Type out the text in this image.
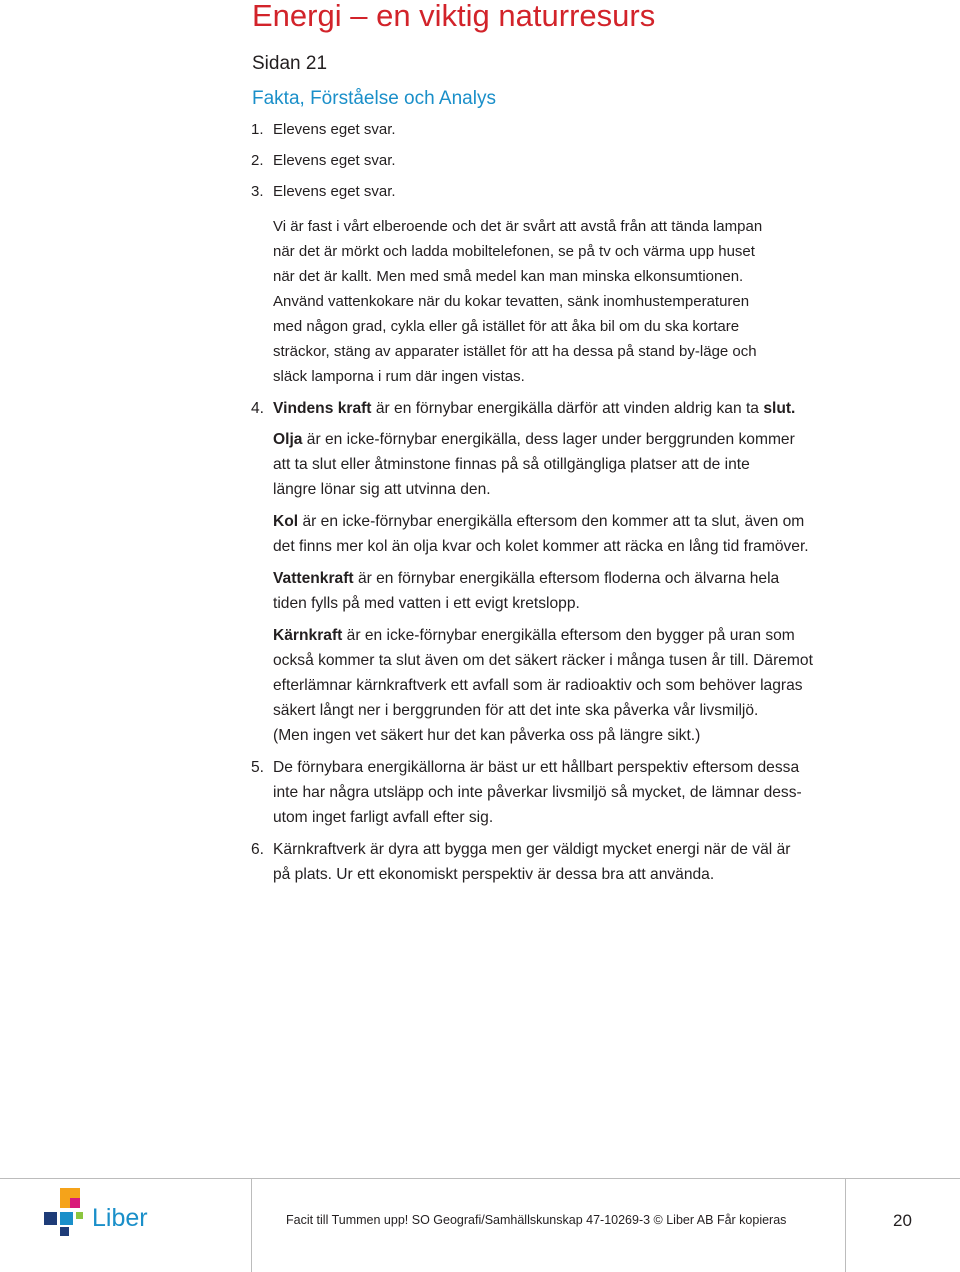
Energi – en viktig naturresurs
Sidan 21
Fakta, Förståelse och Analys
1. Elevens eget svar.
2. Elevens eget svar.
3. Elevens eget svar.
Vi är fast i vårt elberoende och det är svårt att avstå från att tända lampan
när det är mörkt och ladda mobiltelefonen, se på tv och värma upp huset
när det är kallt. Men med små medel kan man minska elkonsumtionen.
Använd vattenkokare när du kokar tevatten, sänk inomhustemperaturen
med någon grad, cykla eller gå istället för att åka bil om du ska kortare
sträckor, stäng av apparater istället för att ha dessa på stand by-läge och
släck lamporna i rum där ingen vistas.
4. Vindens kraft är en förnybar energikälla därför att vinden aldrig kan ta slut.
Olja är en icke-förnybar energikälla, dess lager under berggrunden kommer
att ta slut eller åtminstone finnas på så otillgängliga platser att de inte
längre lönar sig att utvinna den.
Kol är en icke-förnybar energikälla eftersom den kommer att ta slut, även om
det finns mer kol än olja kvar och kolet kommer att räcka en lång tid framöver.
Vattenkraft är en förnybar energikälla eftersom floderna och älvarna hela
tiden fylls på med vatten i ett evigt kretslopp.
Kärnkraft är en icke-förnybar energikälla eftersom den bygger på uran som
också kommer ta slut även om det säkert räcker i många tusen år till. Däremot
efterlämnar kärnkraftverk ett avfall som är radioaktiv och som behöver lagras
säkert långt ner i berggrunden för att det inte ska påverka vår livsmiljö.
(Men ingen vet säkert hur det kan påverka oss på längre sikt.)
5. De förnybara energikällorna är bäst ur ett hållbart perspektiv eftersom dessa
inte har några utsläpp och inte påverkar livsmiljö så mycket, de lämnar dess-
utom inget farligt avfall efter sig.
6. Kärnkraftverk är dyra att bygga men ger väldigt mycket energi när de väl är
på plats. Ur ett ekonomiskt perspektiv är dessa bra att använda.
Liber	Facit till Tummen upp! SO Geografi/Samhällskunskap 47-10269-3 © Liber AB Får kopieras	20
